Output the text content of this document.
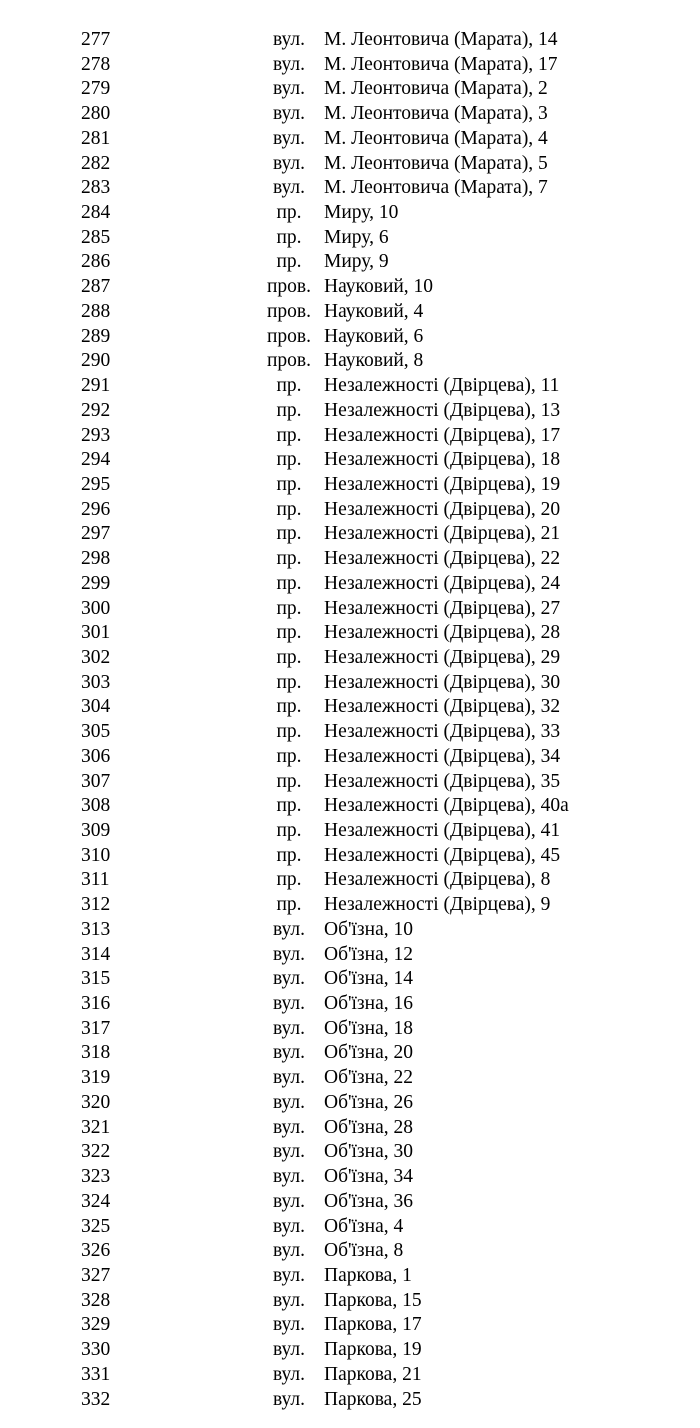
277	вул. М. Леонтовича (Марата), 14
278	вул. М. Леонтовича (Марата), 17
279	вул. М. Леонтовича (Марата), 2
280	вул. М. Леонтовича (Марата), 3
281	вул. М. Леонтовича (Марата), 4
282	вул. М. Леонтовича (Марата), 5
283	вул. М. Леонтовича (Марата), 7
284	пр.	Миру, 10
285	пр.	Миру, 6
286	пр.	Миру, 9
287	пров. Науковий, 10
288	пров. Науковий, 4
289	пров. Науковий, 6
290	пров. Науковий, 8
291	пр.	Незалежності (Двірцева), 11
292	пр.	Незалежності (Двірцева), 13
293	пр.	Незалежності (Двірцева), 17
294	пр.	Незалежності (Двірцева), 18
295	пр.	Незалежності (Двірцева), 19
296	пр.	Незалежності (Двірцева), 20
297	пр.	Незалежності (Двірцева), 21
298	пр.	Незалежності (Двірцева), 22
299	пр.	Незалежності (Двірцева), 24
300	пр.	Незалежності (Двірцева), 27
301	пр.	Незалежності (Двірцева), 28
302	пр.	Незалежності (Двірцева), 29
303	пр.	Незалежності (Двірцева), 30
304	пр.	Незалежності (Двірцева), 32
305	пр.	Незалежності (Двірцева), 33
306	пр.	Незалежності (Двірцева), 34
307	пр.	Незалежності (Двірцева), 35
308	пр.	Незалежності (Двірцева), 40а
309	пр.	Незалежності (Двірцева), 41
310	пр.	Незалежності (Двірцева), 45
311	пр.	Незалежності (Двірцева), 8
312	пр.	Незалежності (Двірцева), 9
313	вул. Об'їзна, 10
314	вул. Об'їзна, 12
315	вул. Об'їзна, 14
316	вул. Об'їзна, 16
317	вул. Об'їзна, 18
318	вул. Об'їзна, 20
319	вул. Об'їзна, 22
320	вул. Об'їзна, 26
321	вул. Об'їзна, 28
322	вул. Об'їзна, 30
323	вул. Об'їзна, 34
324	вул. Об'їзна, 36
325	вул. Об'їзна, 4
326	вул. Об'їзна, 8
327	вул. Паркова, 1
328	вул. Паркова, 15
329	вул. Паркова, 17
330	вул. Паркова, 19
331	вул. Паркова, 21
332	вул. Паркова, 25
